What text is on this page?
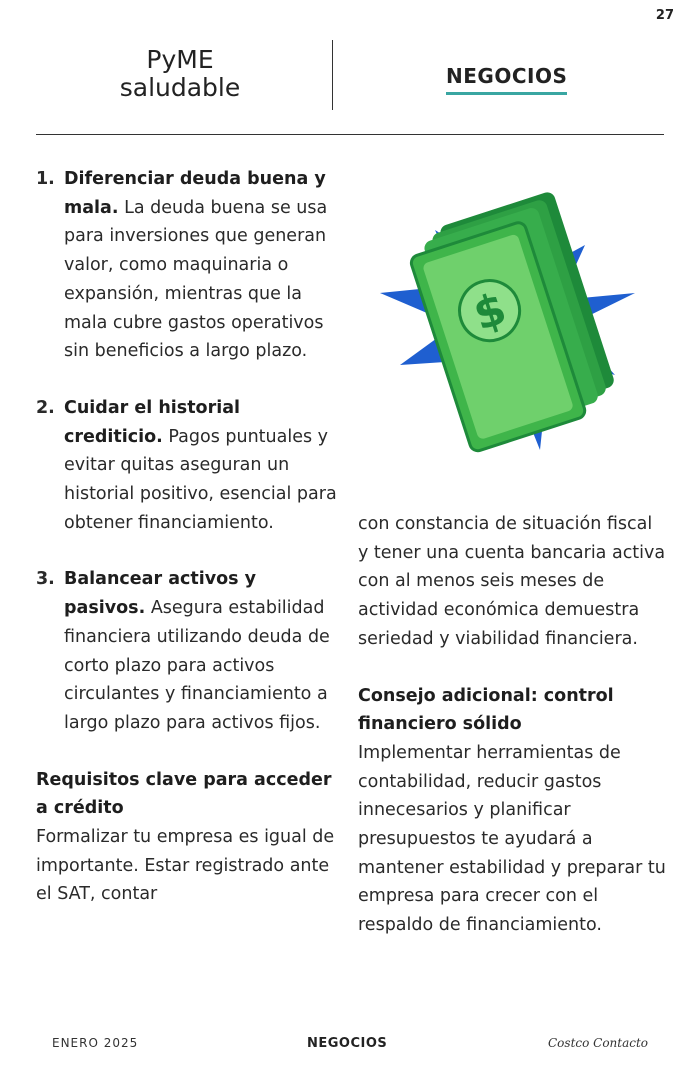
27
PyME
saludable	NEGOCIOS
1. Diferenciar deuda buena y mala. La deuda buena se usa para inversiones que generan valor, como maquinaria o expansión, mientras que la mala cubre gastos operativos sin beneficios a largo plazo.
2. Cuidar el historial crediticio. Pagos puntuales y evitar quitas aseguran un historial positivo, esencial para obtener financiamiento.
3. Balancear activos y pasivos. Asegura estabilidad financiera utilizando deuda de corto plazo para activos circulantes y financiamiento a largo plazo para activos fijos.

Requisitos clave para acceder a crédito

Formalizar tu empresa es igual de importante. Estar registrado ante el SAT, contar

$

con constancia de situación fiscal y tener una cuenta bancaria activa con al menos seis meses de actividad económica demuestra seriedad y viabilidad financiera.

Consejo adicional: control financiero sólido

Implementar herramientas de contabilidad, reducir gastos innecesarios y planificar presupuestos te ayudará a mantener estabilidad y preparar tu empresa para crecer con el respaldo de financiamiento.

ENERO 2025	NEGOCIOS	Costco Contacto
